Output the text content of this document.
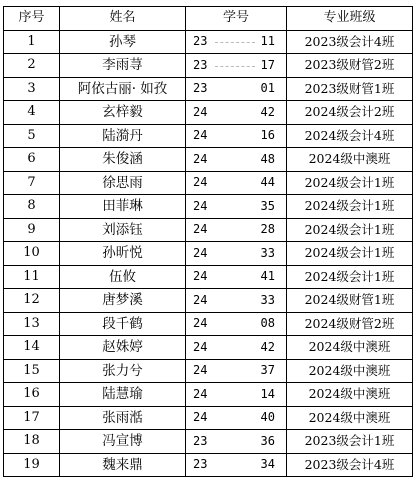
序号	姓名	学号	专业班级
1	孙琴	23 11	2023级会计4班
2	李雨荨	23 17	2023级财管2班
3	阿依古丽· 如孜	23 01	2023级财管1班
4	玄梓毅	24 42	2024级会计2班
5	陆漪丹	24 16	2024级会计4班
6	朱俊涵	24 48	2024级中澳班
7	徐思雨	24 44	2024级会计1班
8	田菲琳	24 35	2024级会计1班
9	刘添钰	24 28	2024级会计1班
10	孙昕悦	24 33	2024级会计1班
11	伍攸	24 41	2024级会计1班
12	唐梦溪	24 33	2024级财管1班
13	段千鹤	24 08	2024级财管2班
14	赵姝婷	24 42	2024级中澳班
15	张力兮	24 37	2024级中澳班
16	陆慧瑜	24 14	2024级中澳班
17	张雨湉	24 40	2024级中澳班
18	冯宣博	23 36	2023级会计1班
19	魏来鼎	23 34	2023级会计4班
